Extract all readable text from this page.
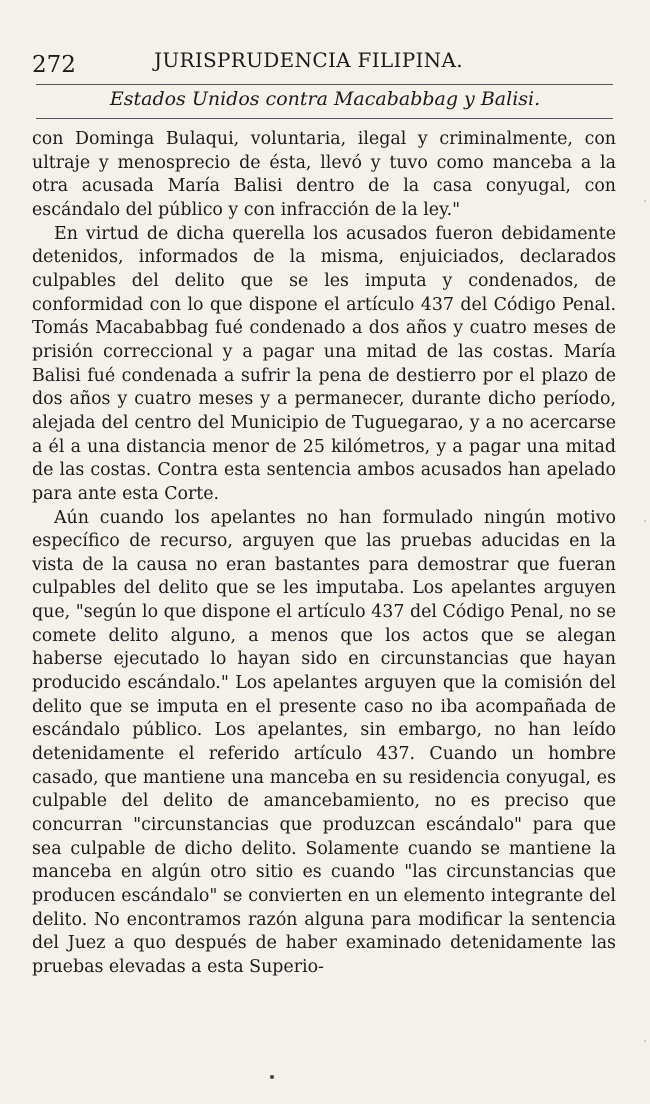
272	JURISPRUDENCIA FILIPINA.
Estados Unidos contra Macababbag y Balisi.

con Dominga Bulaqui, voluntaria, ilegal y criminalmente, con ultraje y menosprecio de ésta, llevó y tuvo como manceba a la otra acusada María Balisi dentro de la casa conyugal, con escándalo del público y con infracción de la ley."

En virtud de dicha querella los acusados fueron debidamente detenidos, informados de la misma, enjuiciados, declarados culpables del delito que se les imputa y condenados, de conformidad con lo que dispone el artículo 437 del Código Penal. Tomás Macababbag fué condenado a dos años y cuatro meses de prisión correccional y a pagar una mitad de las costas. María Balisi fué condenada a sufrir la pena de destierro por el plazo de dos años y cuatro meses y a permanecer, durante dicho período, alejada del centro del Municipio de Tuguegarao, y a no acercarse a él a una distancia menor de 25 kilómetros, y a pagar una mitad de las costas. Contra esta sentencia ambos acusados han apelado para ante esta Corte.

Aún cuando los apelantes no han formulado ningún motivo específico de recurso, arguyen que las pruebas aducidas en la vista de la causa no eran bastantes para demostrar que fueran culpables del delito que se les imputaba. Los apelantes arguyen que, "según lo que dispone el artículo 437 del Código Penal, no se comete delito alguno, a menos que los actos que se alegan haberse ejecutado lo hayan sido en circunstancias que hayan producido escándalo." Los apelantes arguyen que la comisión del delito que se imputa en el presente caso no iba acompañada de escándalo público. Los apelantes, sin embargo, no han leído detenidamente el referido artículo 437. Cuando un hombre casado, que mantiene una manceba en su residencia conyugal, es culpable del delito de amancebamiento, no es preciso que concurran "circunstancias que produzcan escándalo" para que sea culpable de dicho delito. Solamente cuando se mantiene la manceba en algún otro sitio es cuando "las circunstancias que producen escándalo" se convierten en un elemento integrante del delito. No encontramos razón alguna para modificar la sentencia del Juez a quo después de haber examinado detenidamente las pruebas elevadas a esta Superio-
